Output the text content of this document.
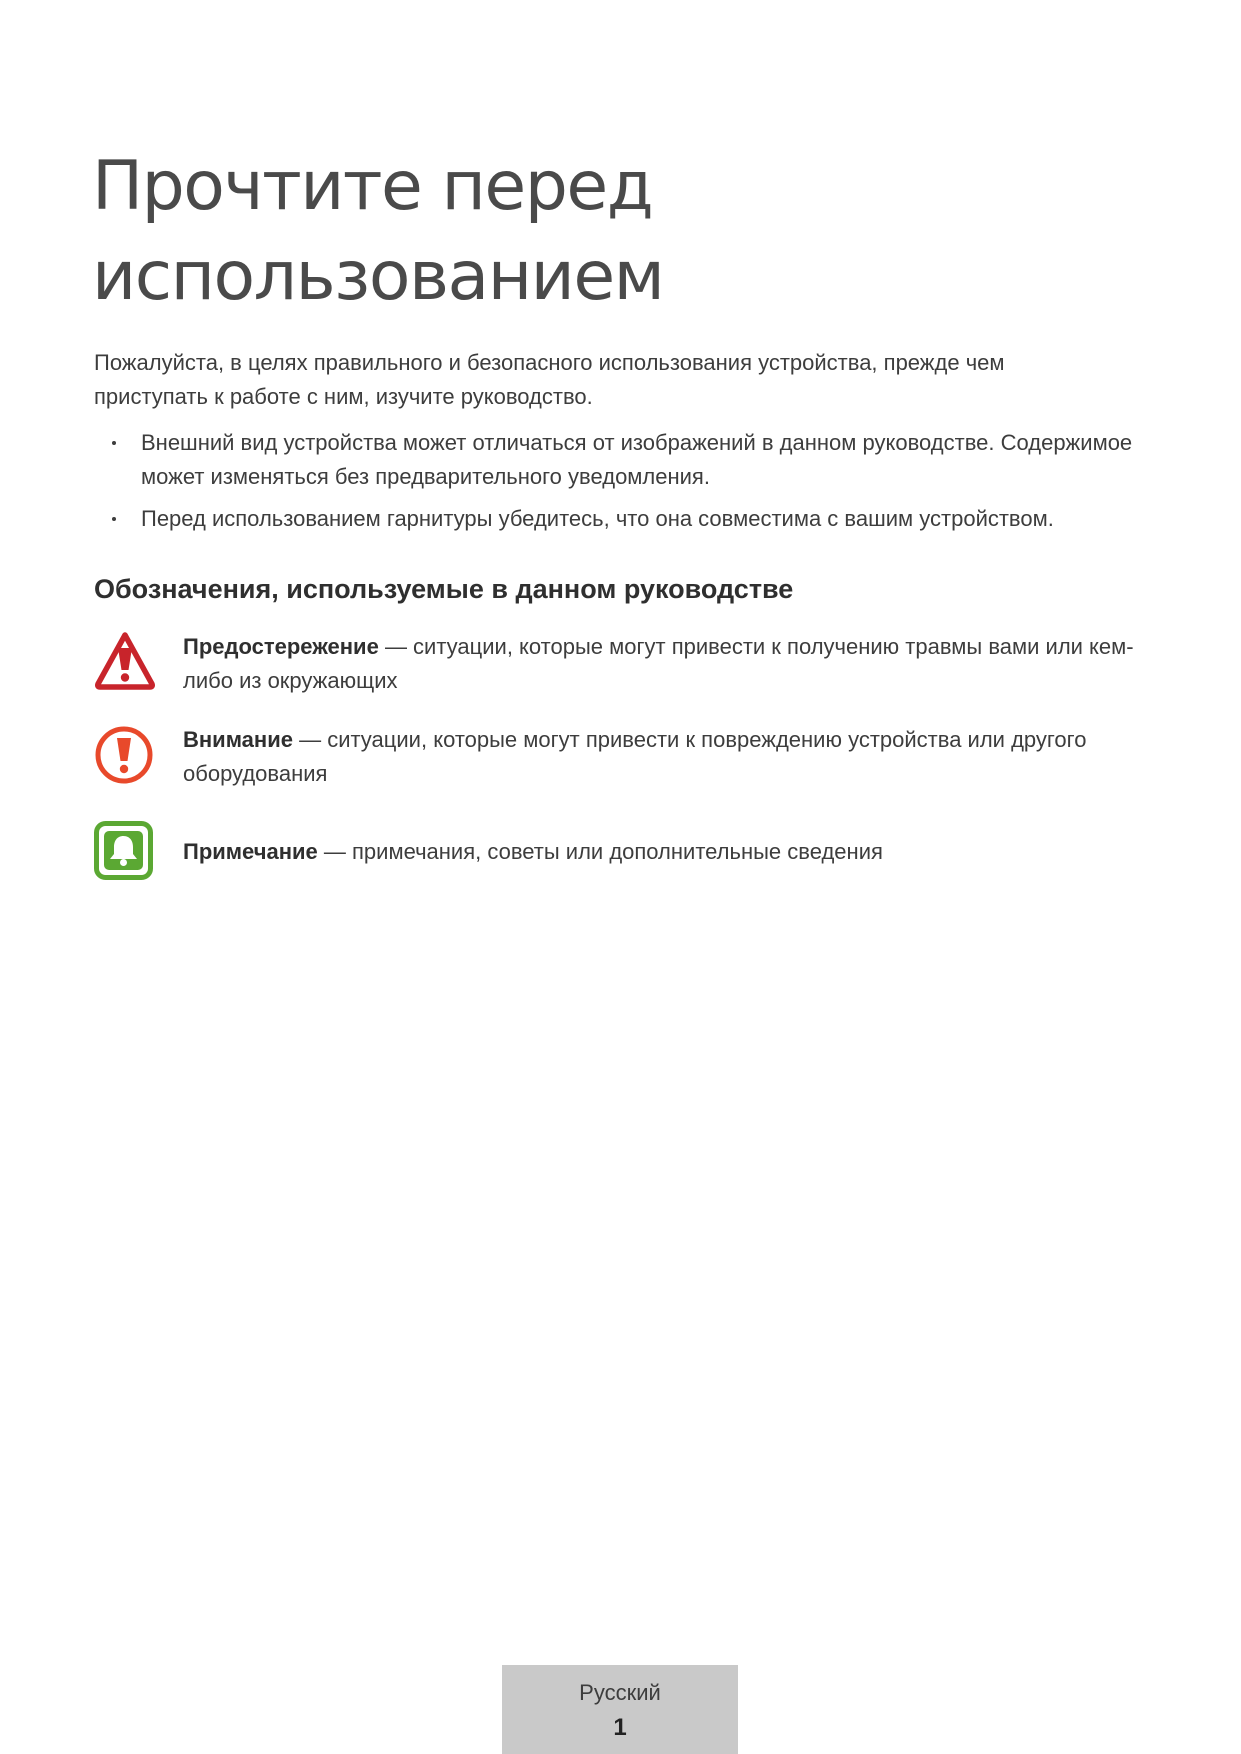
Прочтите перед
использованием

Пожалуйста, в целях правильного и безопасного использования устройства, прежде чем приступать к работе с ним, изучите руководство.

Внешний вид устройства может отличаться от изображений в данном руководстве. Содержимое может изменяться без предварительного уведомления.
Перед использованием гарнитуры убедитесь, что она совместима с вашим устройством.
Обозначения, используемые в данном руководстве
Предостережение — ситуации, которые могут привести к получению травмы вами или кем-либо из окружающих
Внимание — ситуации, которые могут привести к повреждению устройства или другого оборудования
Примечание — примечания, советы или дополнительные сведения
Русский
1
